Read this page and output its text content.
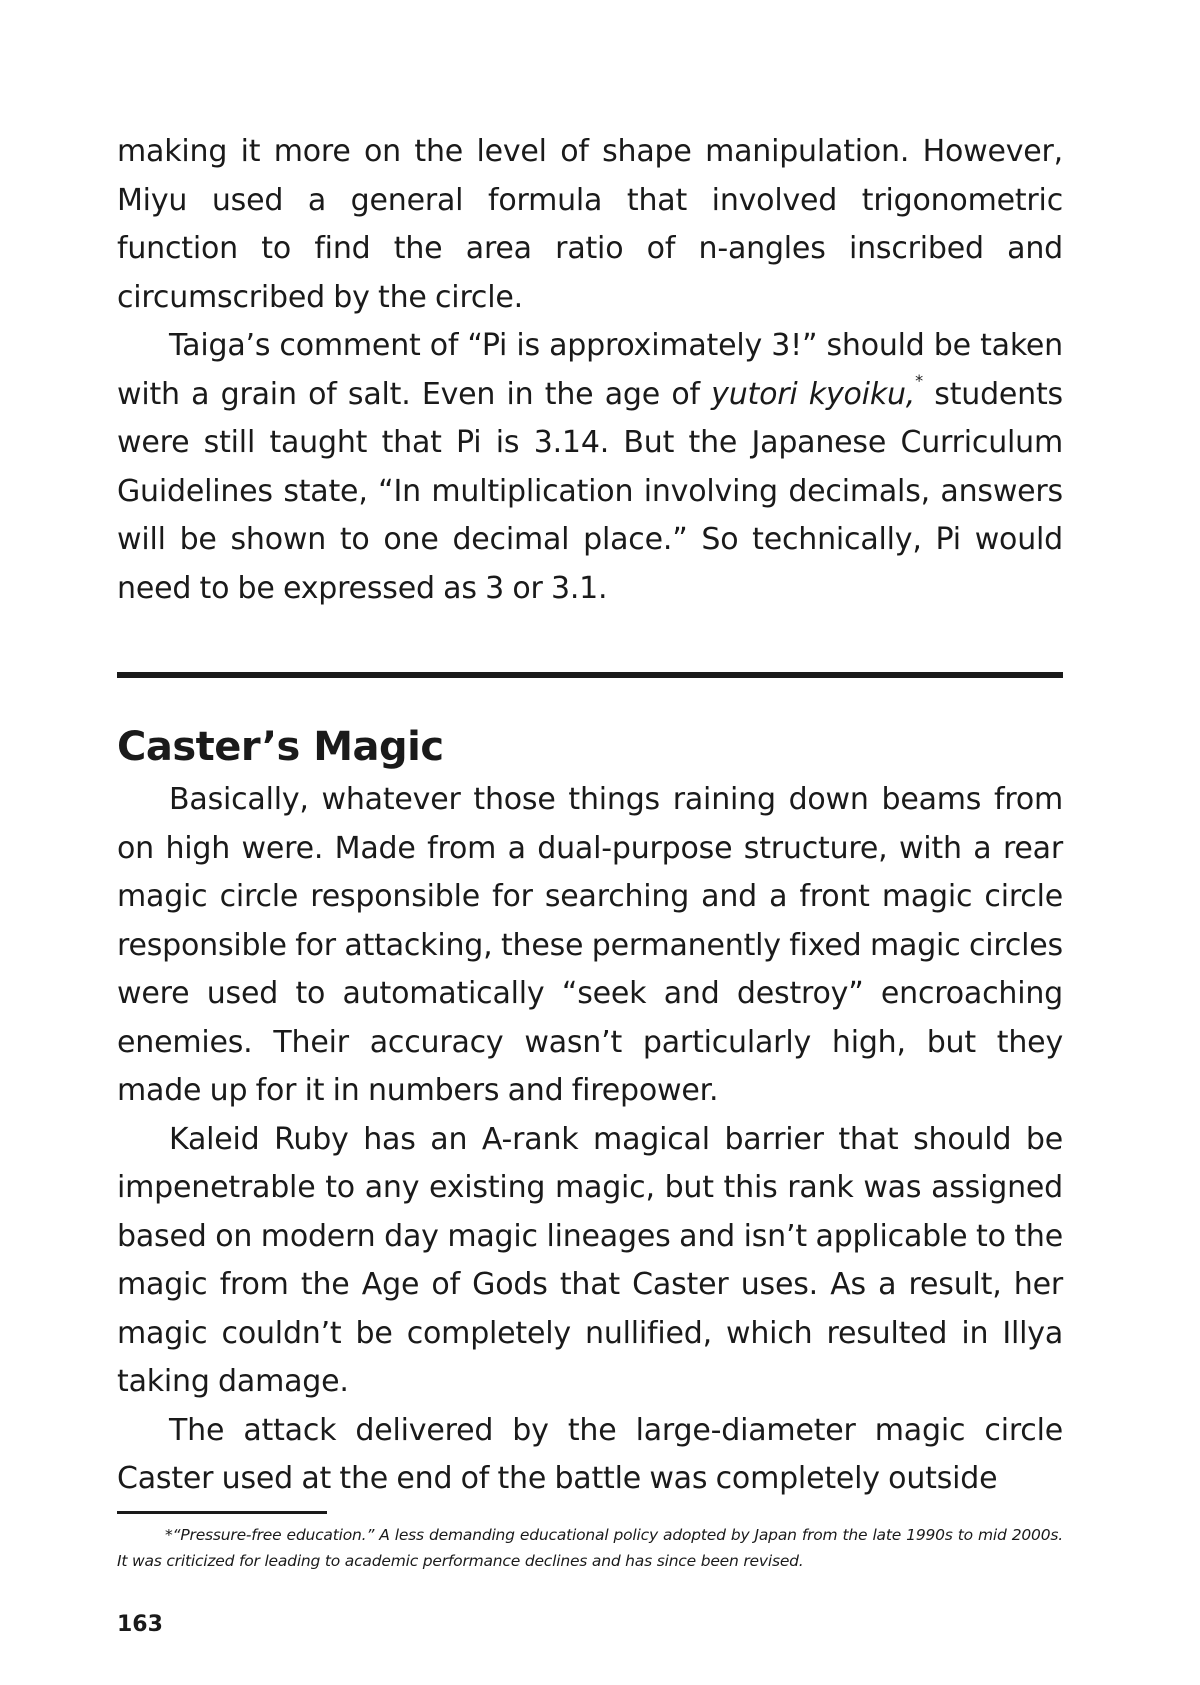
making it more on the level of shape manipulation. However, Miyu used a general formula that involved trigonometric function to find the area ratio of n-angles inscribed and circumscribed by the circle.

Taiga’s comment of “Pi is approximately 3!” should be taken with a grain of salt. Even in the age of yutori kyoiku,* students were still taught that Pi is 3.14. But the Japanese Curriculum Guidelines state, “In multiplication involving decimals, answers will be shown to one decimal place.” So technically, Pi would need to be expressed as 3 or 3.1.

Caster’s Magic

Basically, whatever those things raining down beams from on high were. Made from a dual-purpose structure, with a rear magic circle responsible for searching and a front magic circle responsible for attacking, these permanently fixed magic circles were used to automatically “seek and destroy” encroaching enemies. Their accuracy wasn’t particularly high, but they made up for it in numbers and firepower.

Kaleid Ruby has an A-rank magical barrier that should be impenetrable to any existing magic, but this rank was assigned based on modern day magic lineages and isn’t applicable to the magic from the Age of Gods that Caster uses. As a result, her magic couldn’t be completely nullified, which resulted in Illya taking damage.

The attack delivered by the large-diameter magic circle Caster used at the end of the battle was completely outside

*“Pressure-free education.” A less demanding educational policy adopted by Japan from the late 1990s to mid 2000s. It was criticized for leading to academic performance declines and has since been revised.

163
